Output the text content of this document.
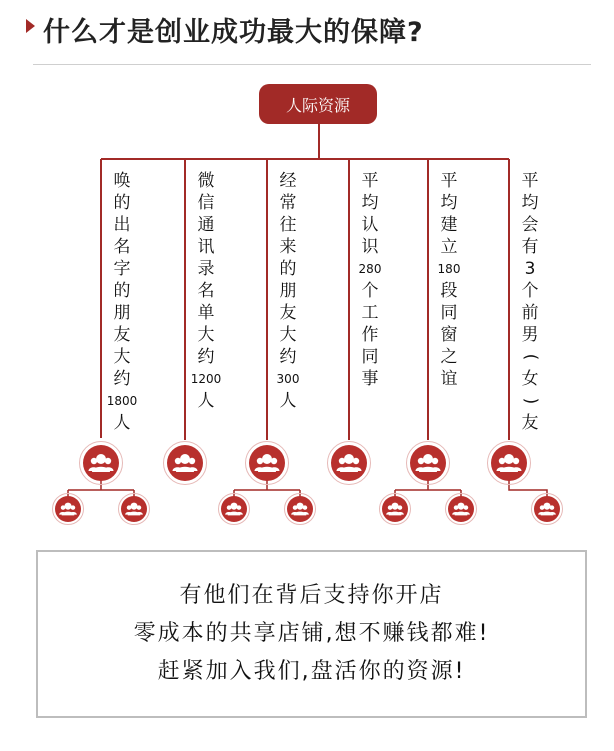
什么才是创业成功最大的保障?
人际资源
唤
的
出
名
字
的
朋
友
大
约
1800
人
微
信
通
讯
录
名
单
大
约
1200
人
经
常
往
来
的
朋
友
大
约
300
人
平
均
认
识
280
个
工
作
同
事
平
均
建
立
180
段
同
窗
之
谊
平
均
会
有
3
个
前
男
(
女
)
友
有他们在背后支持你开店
零成本的共享店铺,想不赚钱都难!
赶紧加入我们,盘活你的资源!
